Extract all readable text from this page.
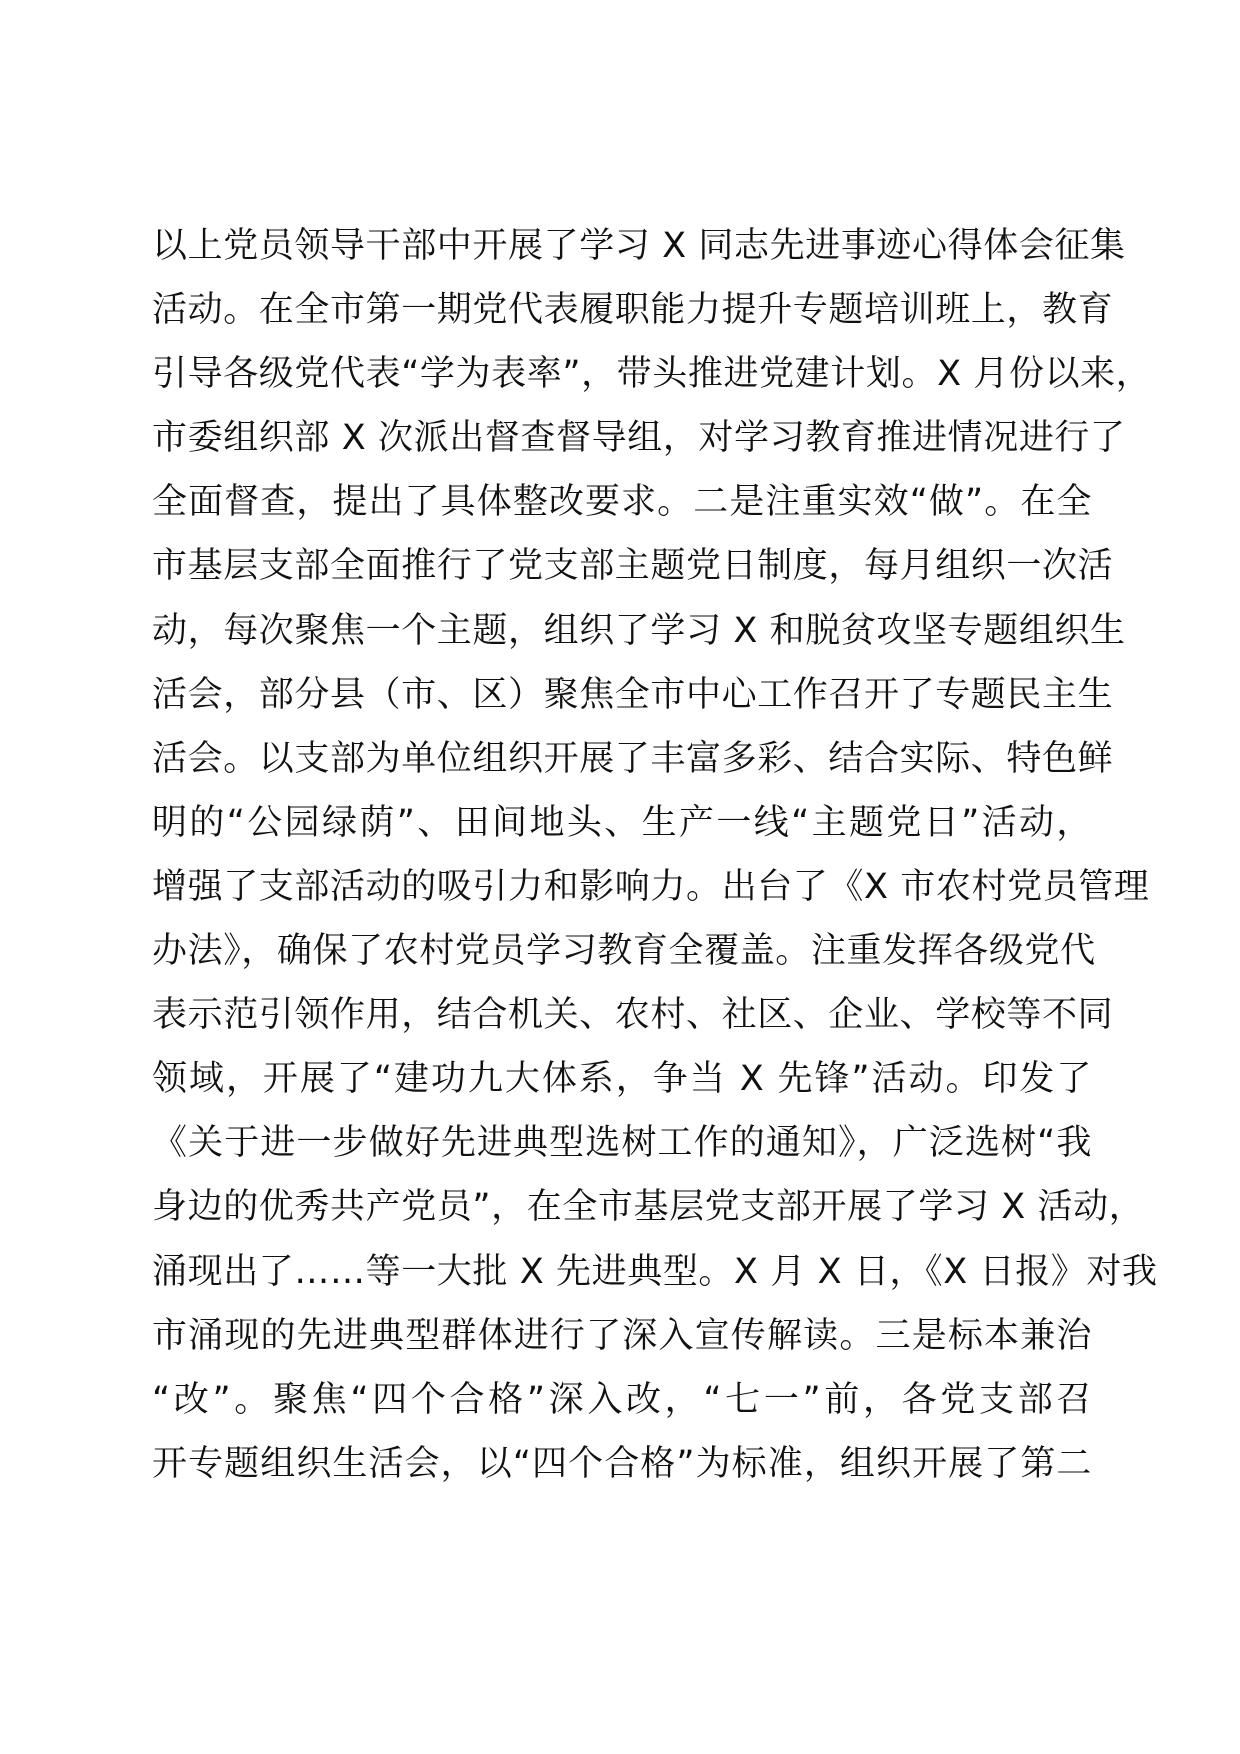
以上党员领导干部中开展了学习 X 同志先进事迹心得体会征集
活动。在全市第一期党代表履职能力提升专题培训班上，教育
引导各级党代表“学为表率”，带头推进党建计划。X 月份以来，
市委组织部 X 次派出督查督导组，对学习教育推进情况进行了
全面督查，提出了具体整改要求。二是注重实效“做”。在全
市基层支部全面推行了党支部主题党日制度，每月组织一次活
动，每次聚焦一个主题，组织了学习 X 和脱贫攻坚专题组织生
活会，部分县（市、区）聚焦全市中心工作召开了专题民主生
活会。以支部为单位组织开展了丰富多彩、结合实际、特色鲜
明的“公园绿荫”、田间地头、生产一线“主题党日”活动，
增强了支部活动的吸引力和影响力。出台了《X 市农村党员管理
办法》，确保了农村党员学习教育全覆盖。注重发挥各级党代
表示范引领作用，结合机关、农村、社区、企业、学校等不同
领域，开展了“建功九大体系，争当 X 先锋”活动。印发了
《关于进一步做好先进典型选树工作的通知》，广泛选树“我
身边的优秀共产党员”，在全市基层党支部开展了学习 X 活动，
涌现出了……等一大批 X 先进典型。X 月 X 日，《X 日报》对我
市涌现的先进典型群体进行了深入宣传解读。三是标本兼治
“改”。聚焦“四个合格”深入改，“七一”前，各党支部召
开专题组织生活会，以“四个合格”为标准，组织开展了第二
